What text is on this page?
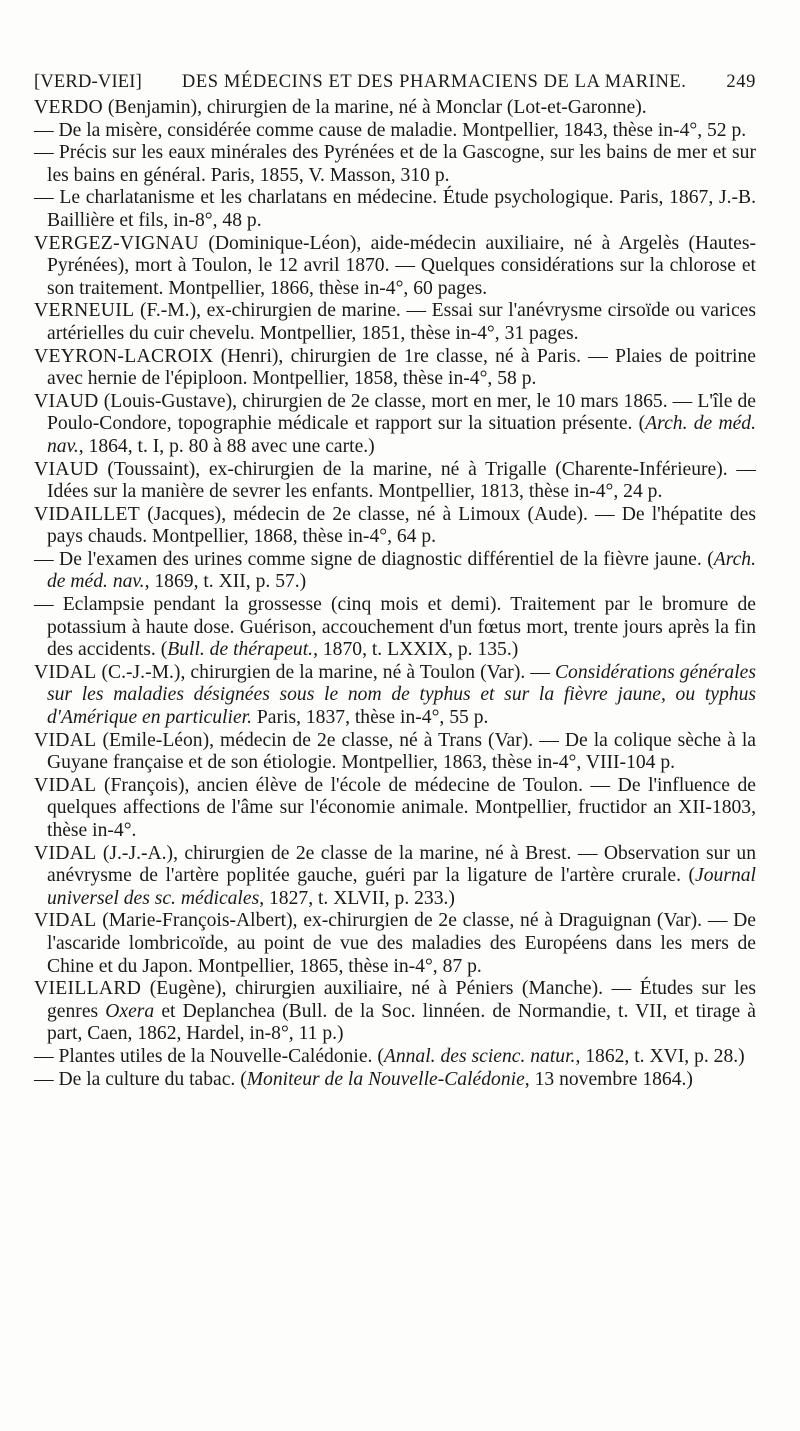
[VERD-VIEI] DES MÉDECINS ET DES PHARMACIENS DE LA MARINE. 249

VERDO (Benjamin), chirurgien de la marine, né à Monclar (Lot-et-Garonne).

— De la misère, considérée comme cause de maladie. Montpellier, 1843, thèse in-4°, 52 p.

— Précis sur les eaux minérales des Pyrénées et de la Gascogne, sur les bains de mer et sur les bains en général. Paris, 1855, V. Masson, 310 p.

— Le charlatanisme et les charlatans en médecine. Étude psychologique. Paris, 1867, J.-B. Baillière et fils, in-8°, 48 p.

VERGEZ-VIGNAU (Dominique-Léon), aide-médecin auxiliaire, né à Argelès (Hautes-Pyrénées), mort à Toulon, le 12 avril 1870. — Quelques considérations sur la chlorose et son traitement. Montpellier, 1866, thèse in-4°, 60 pages.

VERNEUIL (F.-M.), ex-chirurgien de marine. — Essai sur l'anévrysme cirsoïde ou varices artérielles du cuir chevelu. Montpellier, 1851, thèse in-4°, 31 pages.

VEYRON-LACROIX (Henri), chirurgien de 1re classe, né à Paris. — Plaies de poitrine avec hernie de l'épiploon. Montpellier, 1858, thèse in-4°, 58 p.

VIAUD (Louis-Gustave), chirurgien de 2e classe, mort en mer, le 10 mars 1865. — L'île de Poulo-Condore, topographie médicale et rapport sur la situation présente. (Arch. de méd. nav., 1864, t. I, p. 80 à 88 avec une carte.)

VIAUD (Toussaint), ex-chirurgien de la marine, né à Trigalle (Charente-Inférieure). — Idées sur la manière de sevrer les enfants. Montpellier, 1813, thèse in-4°, 24 p.

VIDAILLET (Jacques), médecin de 2e classe, né à Limoux (Aude). — De l'hépatite des pays chauds. Montpellier, 1868, thèse in-4°, 64 p.

— De l'examen des urines comme signe de diagnostic différentiel de la fièvre jaune. (Arch. de méd. nav., 1869, t. XII, p. 57.)

— Eclampsie pendant la grossesse (cinq mois et demi). Traitement par le bromure de potassium à haute dose. Guérison, accouchement d'un fœtus mort, trente jours après la fin des accidents. (Bull. de thérapeut., 1870, t. LXXIX, p. 135.)

VIDAL (C.-J.-M.), chirurgien de la marine, né à Toulon (Var). — Considérations générales sur les maladies désignées sous le nom de typhus et sur la fièvre jaune, ou typhus d'Amérique en particulier. Paris, 1837, thèse in-4°, 55 p.

VIDAL (Emile-Léon), médecin de 2e classe, né à Trans (Var). — De la colique sèche à la Guyane française et de son étiologie. Montpellier, 1863, thèse in-4°, VIII-104 p.

VIDAL (François), ancien élève de l'école de médecine de Toulon. — De l'influence de quelques affections de l'âme sur l'économie animale. Montpellier, fructidor an XII-1803, thèse in-4°.

VIDAL (J.-J.-A.), chirurgien de 2e classe de la marine, né à Brest. — Observation sur un anévrysme de l'artère poplitée gauche, guéri par la ligature de l'artère crurale. (Journal universel des sc. médicales, 1827, t. XLVII, p. 233.)

VIDAL (Marie-François-Albert), ex-chirurgien de 2e classe, né à Draguignan (Var). — De l'ascaride lombricoïde, au point de vue des maladies des Européens dans les mers de Chine et du Japon. Montpellier, 1865, thèse in-4°, 87 p.

VIEILLARD (Eugène), chirurgien auxiliaire, né à Péniers (Manche). — Études sur les genres Oxera et Deplanchea (Bull. de la Soc. linnéen. de Normandie, t. VII, et tirage à part, Caen, 1862, Hardel, in-8°, 11 p.)

— Plantes utiles de la Nouvelle-Calédonie. (Annal. des scienc. natur., 1862, t. XVI, p. 28.)

— De la culture du tabac. (Moniteur de la Nouvelle-Calédonie, 13 novembre 1864.)
